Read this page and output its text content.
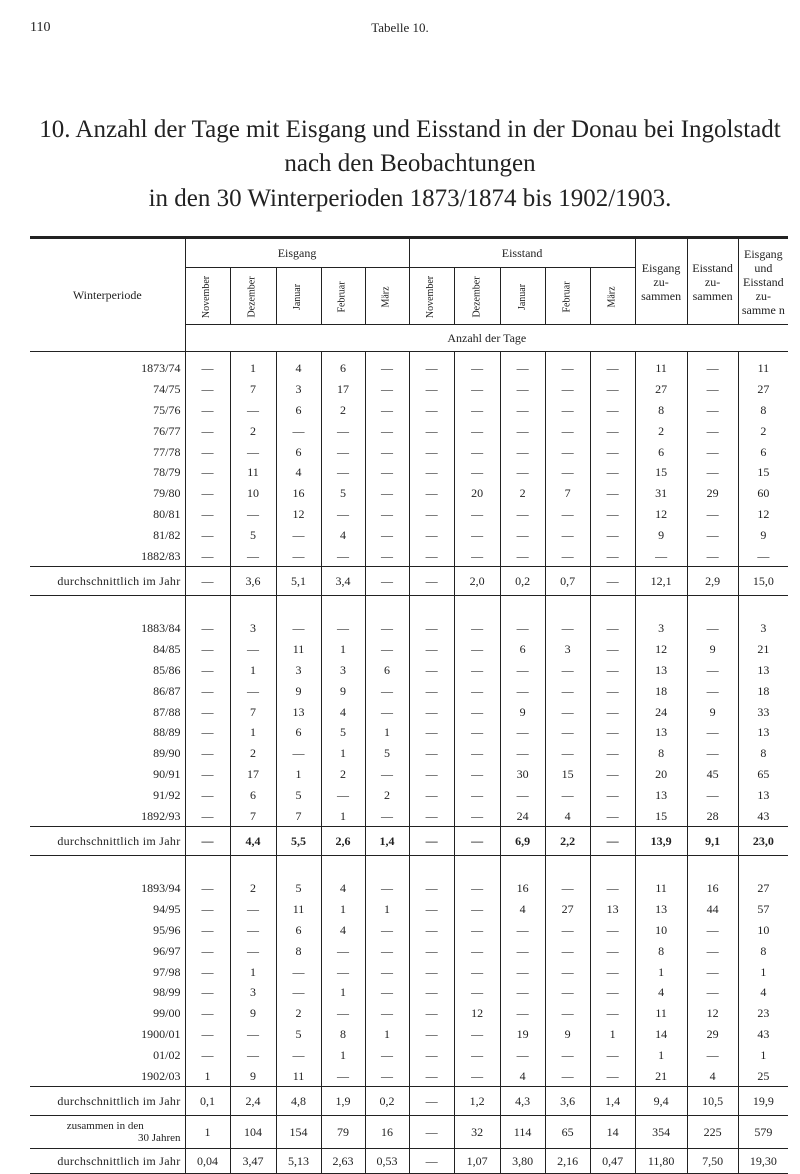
110	Tabelle 10.
10. Anzahl der Tage mit Eisgang und Eisstand in der Donau bei Ingolstadt
nach den Beobachtungen
in den 30 Winterperioden 1873/1874 bis 1902/1903.
Winterperiode	Eisgang					Eisstand					Eisgang zu- sammen	Eisstand zu- sammen	Eisgang und Eisstand zu- samme n
	November	Dezember	Januar	Februar	März	November	Dezember	Januar	Februar	März			
	Anzahl der Tage												

1873/74	—	1	4	6	—	—	—	—	—	—	11	—	11
74/75	—	7	3	17	—	—	—	—	—	—	27	—	27
75/76	—	—	6	2	—	—	—	—	—	—	8	—	8
76/77	—	2	—	—	—	—	—	—	—	—	2	—	2
77/78	—	—	6	—	—	—	—	—	—	—	6	—	6
78/79	—	11	4	—	—	—	—	—	—	—	15	—	15
79/80	—	10	16	5	—	—	20	2	7	—	31	29	60
80/81	—	—	12	—	—	—	—	—	—	—	12	—	12
81/82	—	5	—	4	—	—	—	—	—	—	9	—	9
1882/83	—	—	—	—	—	—	—	—	—	—	—	—	—
durchschnittlich im Jahr	—	3,6	5,1	3,4	—	—	2,0	0,2	0,7	—	12,1	2,9	15,0

1883/84	—	3	—	—	—	—	—	—	—	—	3	—	3
84/85	—	—	11	1	—	—	—	6	3	—	12	9	21
85/86	—	1	3	3	6	—	—	—	—	—	13	—	13
86/87	—	—	9	9	—	—	—	—	—	—	18	—	18
87/88	—	7	13	4	—	—	—	9	—	—	24	9	33
88/89	—	1	6	5	1	—	—	—	—	—	13	—	13
89/90	—	2	—	1	5	—	—	—	—	—	8	—	8
90/91	—	17	1	2	—	—	—	30	15	—	20	45	65
91/92	—	6	5	—	2	—	—	—	—	—	13	—	13
1892/93	—	7	7	1	—	—	—	24	4	—	15	28	43
durchschnittlich im Jahr	—	4,4	5,5	2,6	1,4	—	—	6,9	2,2	—	13,9	9,1	23,0

1893/94	—	2	5	4	—	—	—	16	—	—	11	16	27
94/95	—	—	11	1	1	—	—	4	27	13	13	44	57
95/96	—	—	6	4	—	—	—	—	—	—	10	—	10
96/97	—	—	8	—	—	—	—	—	—	—	8	—	8
97/98	—	1	—	—	—	—	—	—	—	—	1	—	1
98/99	—	3	—	1	—	—	—	—	—	—	4	—	4
99/00	—	9	2	—	—	—	12	—	—	—	11	12	23
1900/01	—	—	5	8	1	—	—	19	9	1	14	29	43
01/02	—	—	—	1	—	—	—	—	—	—	1	—	1
1902/03	1	9	11	—	—	—	—	4	—	—	21	4	25
durchschnittlich im Jahr	0,1	2,4	4,8	1,9	0,2	—	1,2	4,3	3,6	1,4	9,4	10,5	19,9

zusammen in den
30 Jahren	1	104	154	79	16	—	32	114	65	14	354	225	579
durchschnittlich im Jahr	0,04	3,47	5,13	2,63	0,53	—	1,07	3,80	2,16	0,47	11,80	7,50	19,30
